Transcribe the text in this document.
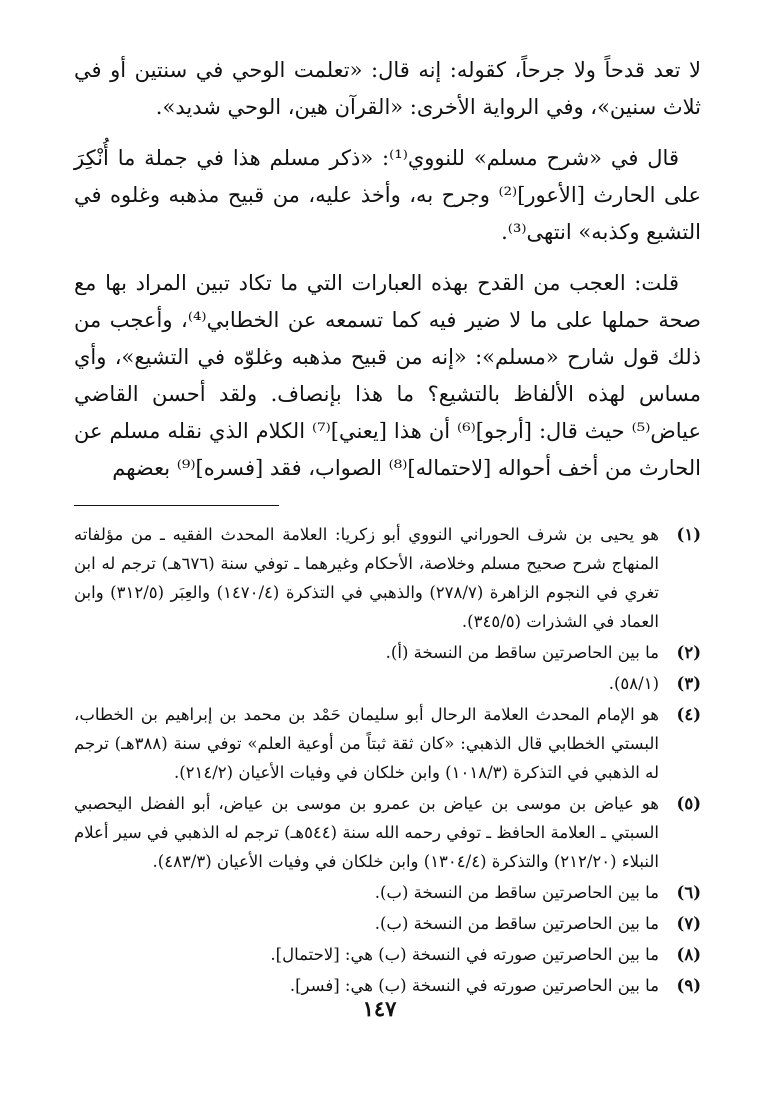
لا تعد قدحاً ولا جرحاً، كقوله: إنه قال: «تعلمت الوحي في سنتين أو في ثلاث سنين»، وفي الرواية الأخرى: «القرآن هين، الوحي شديد».

قال في «شرح مسلم» للنووي⁽¹⁾: «ذكر مسلم هذا في جملة ما أُنْكِرَ على الحارث [الأعور]⁽²⁾ وجرح به، وأخذ عليه، من قبيح مذهبه وغلوه في التشيع وكذبه» انتهى⁽³⁾.

قلت: العجب من القدح بهذه العبارات التي ما تكاد تبين المراد بها مع صحة حملها على ما لا ضير فيه كما تسمعه عن الخطابي⁽⁴⁾، وأعجب من ذلك قول شارح «مسلم»: «إنه من قبيح مذهبه وغلوّه في التشيع»، وأي مساس لهذه الألفاظ بالتشيع؟ ما هذا بإنصاف. ولقد أحسن القاضي عياض⁽⁵⁾ حيث قال: [أرجو]⁽⁶⁾ أن هذا [يعني]⁽⁷⁾ الكلام الذي نقله مسلم عن الحارث من أخف أحواله [لاحتماله]⁽⁸⁾ الصواب، فقد [فسره]⁽⁹⁾ بعضهم

(١)
هو يحيى بن شرف الحوراني النووي أبو زكريا: العلامة المحدث الفقيه ـ من مؤلفاته المنهاج شرح صحيح مسلم وخلاصة، الأحكام وغيرهما ـ توفي سنة (٦٧٦هـ) ترجم له ابن تغري في النجوم الزاهرة (٢٧٨/٧) والذهبي في التذكرة (١٤٧٠/٤) والعِبَر (٣١٢/٥) وابن العماد في الشذرات (٣٤٥/٥).
(٢)
ما بين الحاصرتين ساقط من النسخة (أ).
(٣)
(٥٨/١).
(٤)
هو الإمام المحدث العلامة الرحال أبو سليمان حَمْد بن محمد بن إبراهيم بن الخطاب، البستي الخطابي قال الذهبي: «كان ثقة ثبتاً من أوعية العلم» توفي سنة (٣٨٨هـ) ترجم له الذهبي في التذكرة (١٠١٨/٣) وابن خلكان في وفيات الأعيان (٢١٤/٢).
(٥)
هو عياض بن موسى بن عياض بن عمرو بن موسى بن عياض، أبو الفضل اليحصبي السبتي ـ العلامة الحافظ ـ توفي رحمه الله سنة (٥٤٤هـ) ترجم له الذهبي في سير أعلام النبلاء (٢١٢/٢٠) والتذكرة (١٣٠٤/٤) وابن خلكان في وفيات الأعيان (٤٨٣/٣).
(٦)
ما بين الحاصرتين ساقط من النسخة (ب).
(٧)
ما بين الحاصرتين ساقط من النسخة (ب).
(٨)
ما بين الحاصرتين صورته في النسخة (ب) هي: [لاحتمال].
(٩)
ما بين الحاصرتين صورته في النسخة (ب) هي: [فسر].
١٤٧
